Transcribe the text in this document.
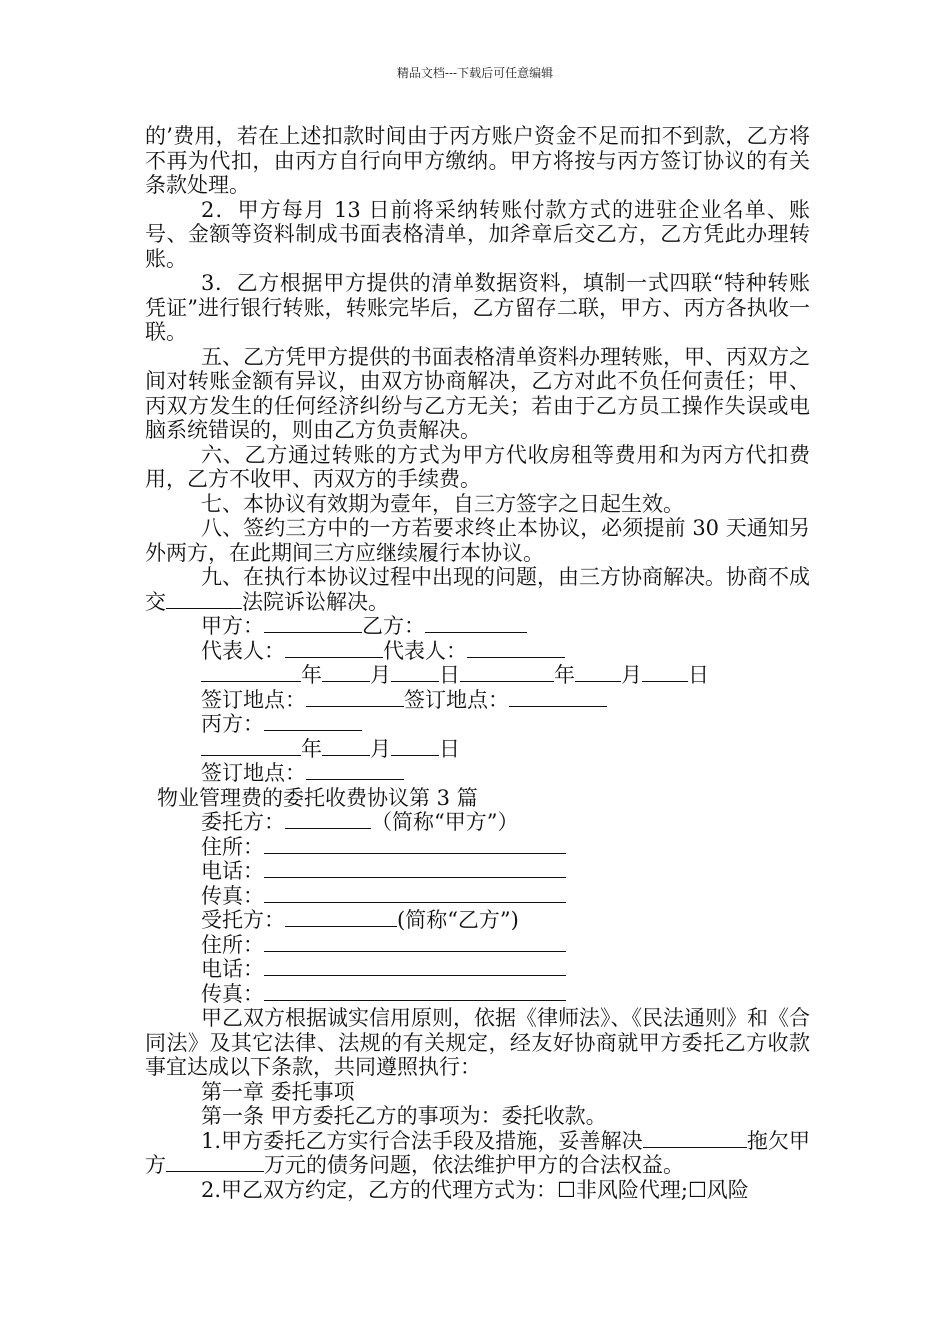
精品文档---下载后可任意编辑

的’费用，若在上述扣款时间由于丙方账户资金不足而扣不到款，乙方将不再为代扣，由丙方自行向甲方缴纳。甲方将按与丙方签订协议的有关条款处理。

2．甲方每月 13 日前将采纳转账付款方式的进驻企业名单、账号、金额等资料制成书面表格清单，加斧章后交乙方，乙方凭此办理转账。

3．乙方根据甲方提供的清单数据资料，填制一式四联“特种转账凭证”进行银行转账，转账完毕后，乙方留存二联，甲方、丙方各执收一联。

五、乙方凭甲方提供的书面表格清单资料办理转账，甲、丙双方之间对转账金额有异议，由双方协商解决，乙方对此不负任何责任；甲、丙双方发生的任何经济纠纷与乙方无关；若由于乙方员工操作失误或电脑系统错误的，则由乙方负责解决。

六、乙方通过转账的方式为甲方代收房租等费用和为丙方代扣费用，乙方不收甲、丙双方的手续费。

七、本协议有效期为壹年，自三方签字之日起生效。

八、签约三方中的一方若要求终止本协议，必须提前 30 天通知另外两方，在此期间三方应继续履行本协议。

九、在执行本协议过程中出现的问题，由三方协商解决。协商不成交	法院诉讼解决。

甲方：	乙方：

代表人：	代表人：

年 月 日	年 月 日

签订地点：	签订地点：

丙方：

年 月 日

签订地点：

物业管理费的委托收费协议第 3 篇

委托方：	（简称“甲方”）

住所：

电话：

传真：

受托方：	(简称“乙方”)

住所：

电话：

传真：

甲乙双方根据诚实信用原则，依据《律师法》、《民法通则》和《合同法》及其它法律、法规的有关规定，经友好协商就甲方委托乙方收款事宜达成以下条款，共同遵照执行：

第一章 委托事项

第一条 甲方委托乙方的事项为：委托收款。

1.甲方委托乙方实行合法手段及措施，妥善解决	拖欠甲方	万元的债务问题，依法维护甲方的合法权益。

2.甲乙双方约定，乙方的代理方式为：☐非风险代理;☐风险
